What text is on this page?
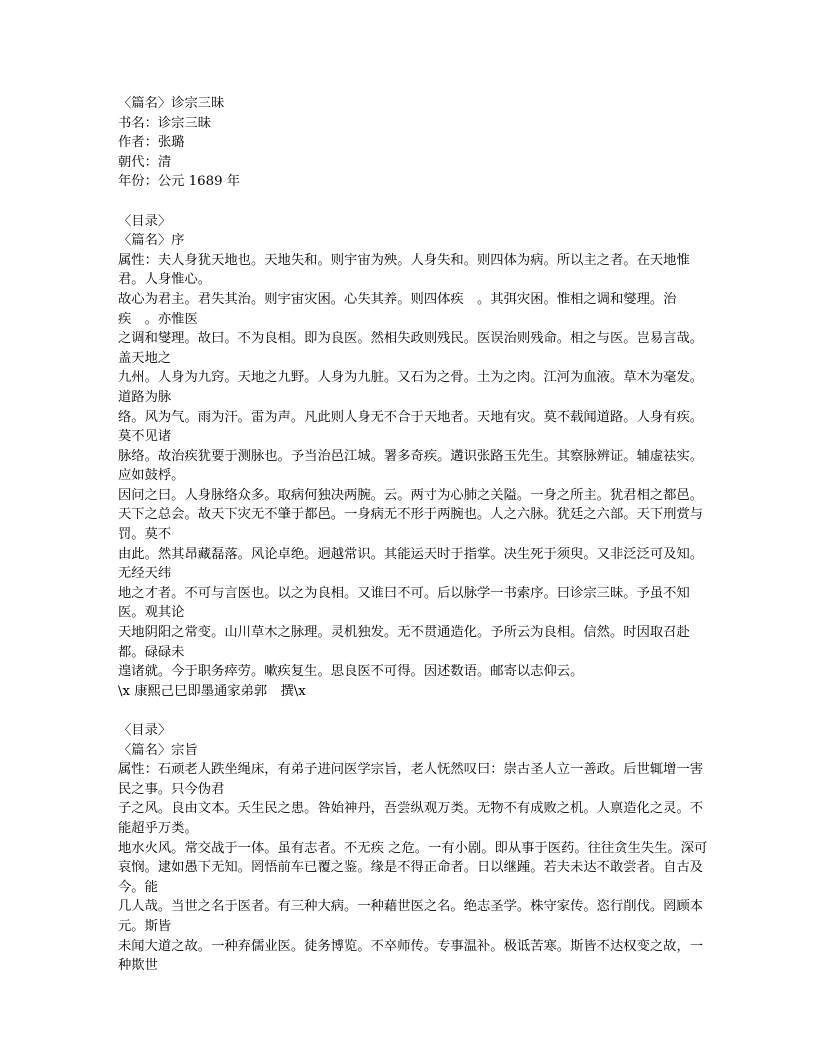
〈篇名〉诊宗三昧
书名：诊宗三昧
作者：张璐
朝代：清
年份：公元 1689 年
〈目录〉
〈篇名〉序
属性：夫人身犹天地也。天地失和。则宇宙为殃。人身失和。则四体为病。所以主之者。在天地惟君。人身惟心。
故心为君主。君失其治。则宇宙灾困。心失其养。则四体疾　。其弭灾困。惟相之调和燮理。治疾　。亦惟医
之调和燮理。故曰。不为良相。即为良医。然相失政则残民。医误治则残命。相之与医。岂易言哉。盖天地之
九州。人身为九窍。天地之九野。人身为九脏。又石为之骨。土为之肉。江河为血液。草木为毫发。道路为脉
络。风为气。雨为汗。雷为声。凡此则人身无不合于天地者。天地有灾。莫不载闻道路。人身有疾。莫不见诸
脉络。故治疾犹要于测脉也。予当治邑江城。署多奇疾。遘识张路玉先生。其察脉辨证。辅虚祛实。应如鼓桴。
因问之曰。人身脉络众多。取病何独决两腕。云。两寸为心肺之关隘。一身之所主。犹君相之都邑。
天下之总会。故天下灾无不肇于都邑。一身病无不形于两腕也。人之六脉。犹廷之六部。天下刑赏与罚。莫不
由此。然其昂藏磊落。风论卓绝。迥越常识。其能运天时于指掌。决生死于须臾。又非泛泛可及知。无经天纬
地之才者。不可与言医也。以之为良相。又谁曰不可。后以脉学一书索序。曰诊宗三昧。予虽不知医。观其论
天地阴阳之常变。山川草木之脉理。灵机独发。无不贯通造化。予所云为良相。信然。时因取召赴都。碌碌未
遑诸就。今于职务瘁劳。嗽疾复生。思良医不可得。因述数语。邮寄以志仰云。
\x 康熙己巳即墨通家弟郭　撰\x
〈目录〉
〈篇名〉宗旨
属性：石顽老人跌坐绳床，有弟子进问医学宗旨，老人怃然叹曰：崇古圣人立一善政。后世辄增一害民之事。只今伪君
子之风。良由文本。夭生民之患。咎始神丹，吾尝纵观万类。无物不有成败之机。人禀造化之灵。不能超乎万类。
地水火风。常交战于一体。虽有志者。不无疾 之危。一有小剧。即从事于医药。往往贪生失生。深可
哀悯。逮如愚下无知。罔悟前车已覆之鉴。缘是不得正命者。日以继踵。若夫未达不敢尝者。自古及今。能
几人哉。当世之名于医者。有三种大病。一种藉世医之名。绝志圣学。株守家传。恣行削伐。罔顾本元。斯皆
未闻大道之故。一种弃儒业医。徒务博览。不卒师传。专事温补。极诋苦寒。斯皆不达权变之故，一种欺世
